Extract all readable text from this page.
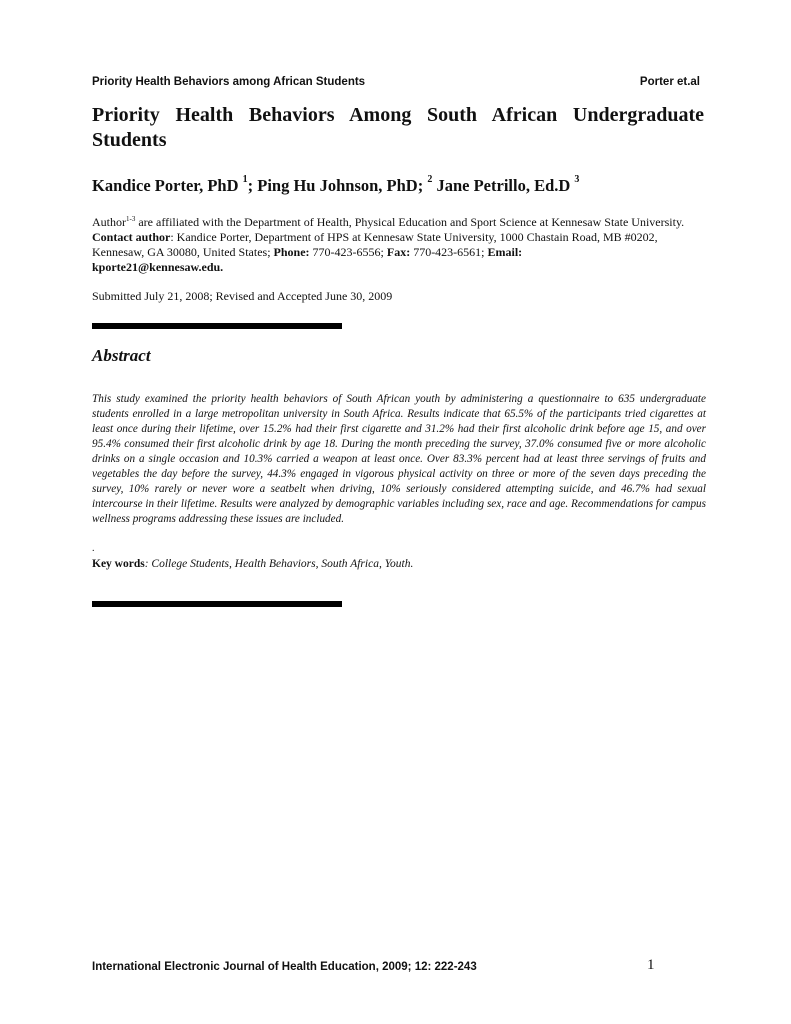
Priority Health Behaviors among African Students	Porter et.al
Priority Health Behaviors Among South African Undergraduate Students
Kandice Porter, PhD $^1$; Ping Hu Johnson, PhD; $^2$ Jane Petrillo, Ed.D $^3$
Author$^{1-3}$ are affiliated with the Department of Health, Physical Education and Sport Science at Kennesaw State University. Contact author: Kandice Porter, Department of HPS at Kennesaw State University, 1000 Chastain Road, MB #0202, Kennesaw, GA 30080, United States; Phone: 770-423-6556; Fax: 770-423-6561; Email:
kporte21@kennesaw.edu.
Submitted July 21, 2008; Revised and Accepted June 30, 2009
Abstract
This study examined the priority health behaviors of South African youth by administering a questionnaire to 635 undergraduate students enrolled in a large metropolitan university in South Africa. Results indicate that 65.5% of the participants tried cigarettes at least once during their lifetime, over 15.2% had their first cigarette and 31.2% had their first alcoholic drink before age 15, and over 95.4% consumed their first alcoholic drink by age 18. During the month preceding the survey, 37.0% consumed five or more alcoholic drinks on a single occasion and 10.3% carried a weapon at least once. Over 83.3% percent had at least three servings of fruits and vegetables the day before the survey, 44.3% engaged in vigorous physical activity on three or more of the seven days preceding the survey, 10% rarely or never wore a seatbelt when driving, 10% seriously considered attempting suicide, and 46.7% had sexual intercourse in their lifetime. Results were analyzed by demographic variables including sex, race and age. Recommendations for campus wellness programs addressing these issues are included.
.
Key words: College Students, Health Behaviors, South Africa, Youth.
International Electronic Journal of Health Education, 2009; 12: 222-243	1
